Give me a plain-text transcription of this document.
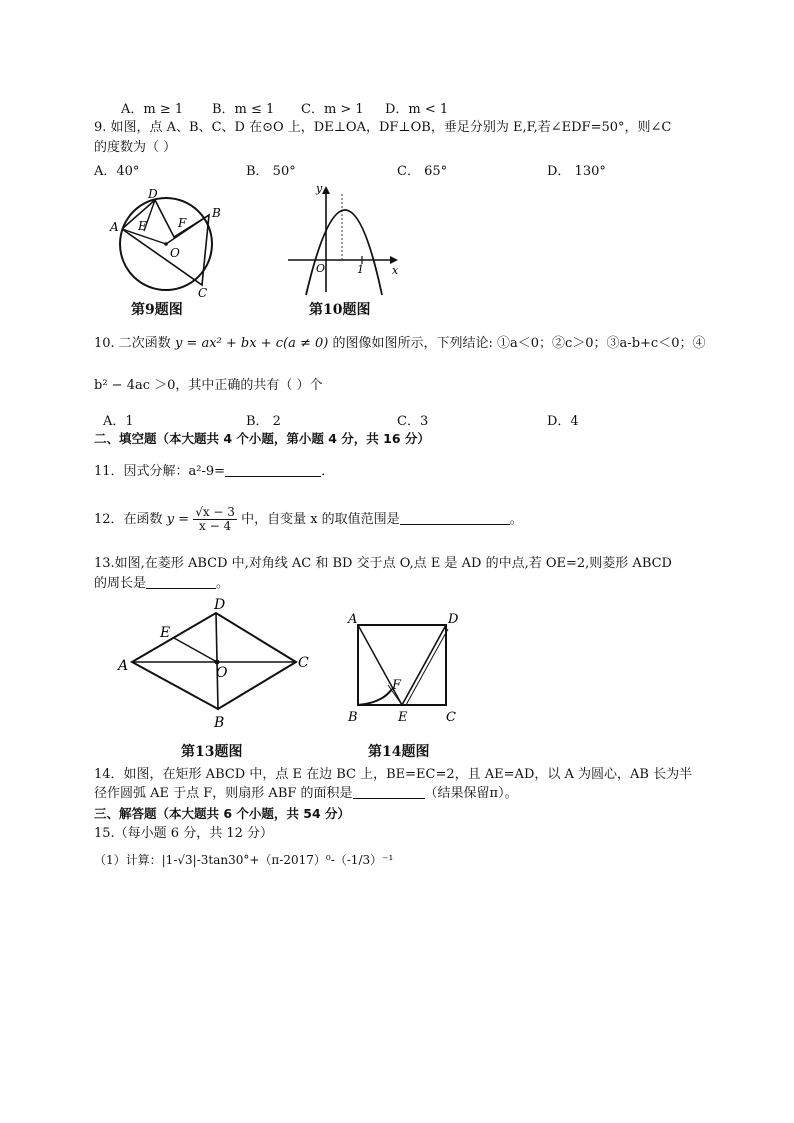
A．m ≥ 1 B．m ≤ 1 C．m > 1 D．m < 1
9. 如图，点 A、B、C、D 在⊙O 上，DE⊥OA，DF⊥OB，垂足分别为 E,F,若∠EDF=50°，则∠C
的度数为（ ）
A．40°	B． 50°	C． 65°	D． 130°
D
A E	F
B
O
C
第9题图
y
x
O	1
第10题图
10. 二次函数 y = ax² + bx + c(a ≠ 0) 的图像如图所示，下列结论: ①a＜0；②c＞0；③a-b+c＜0；④
b² − 4ac ＞0，其中正确的共有（ ）个
A．1	B． 2	C．3	D．4
二、填空题（本大题共 4 个小题，第小题 4 分，共 16 分）
11．因式分解：a²-9=	．
12．在函数 $y = \frac{√x - 3}{x - 4}$ 中，自变量 x 的取值范围是	。
13.如图,在菱形 ABCD 中,对角线 AC 和 BD 交于点 O,点 E 是 AD 的中点,若 OE=2,则菱形 ABCD
的周长是	。
D
E
A	O
C
B
第13题图
A	D
F
B	E	C
第14题图
14．如图，在矩形 ABCD 中，点 E 在边 BC 上，BE=EC=2，且 AE=AD，以 A 为圆心，AB 长为半
径作圆弧 AE 于点 F，则扇形 ABF 的面积是	（结果保留π）。
三、解答题（本大题共 6 个小题，共 54 分）
15.（每小题 6 分，共 12 分）
（1）计算：|1-√3|-3tan30°+（π-2017）⁰-（-1/3）⁻¹
